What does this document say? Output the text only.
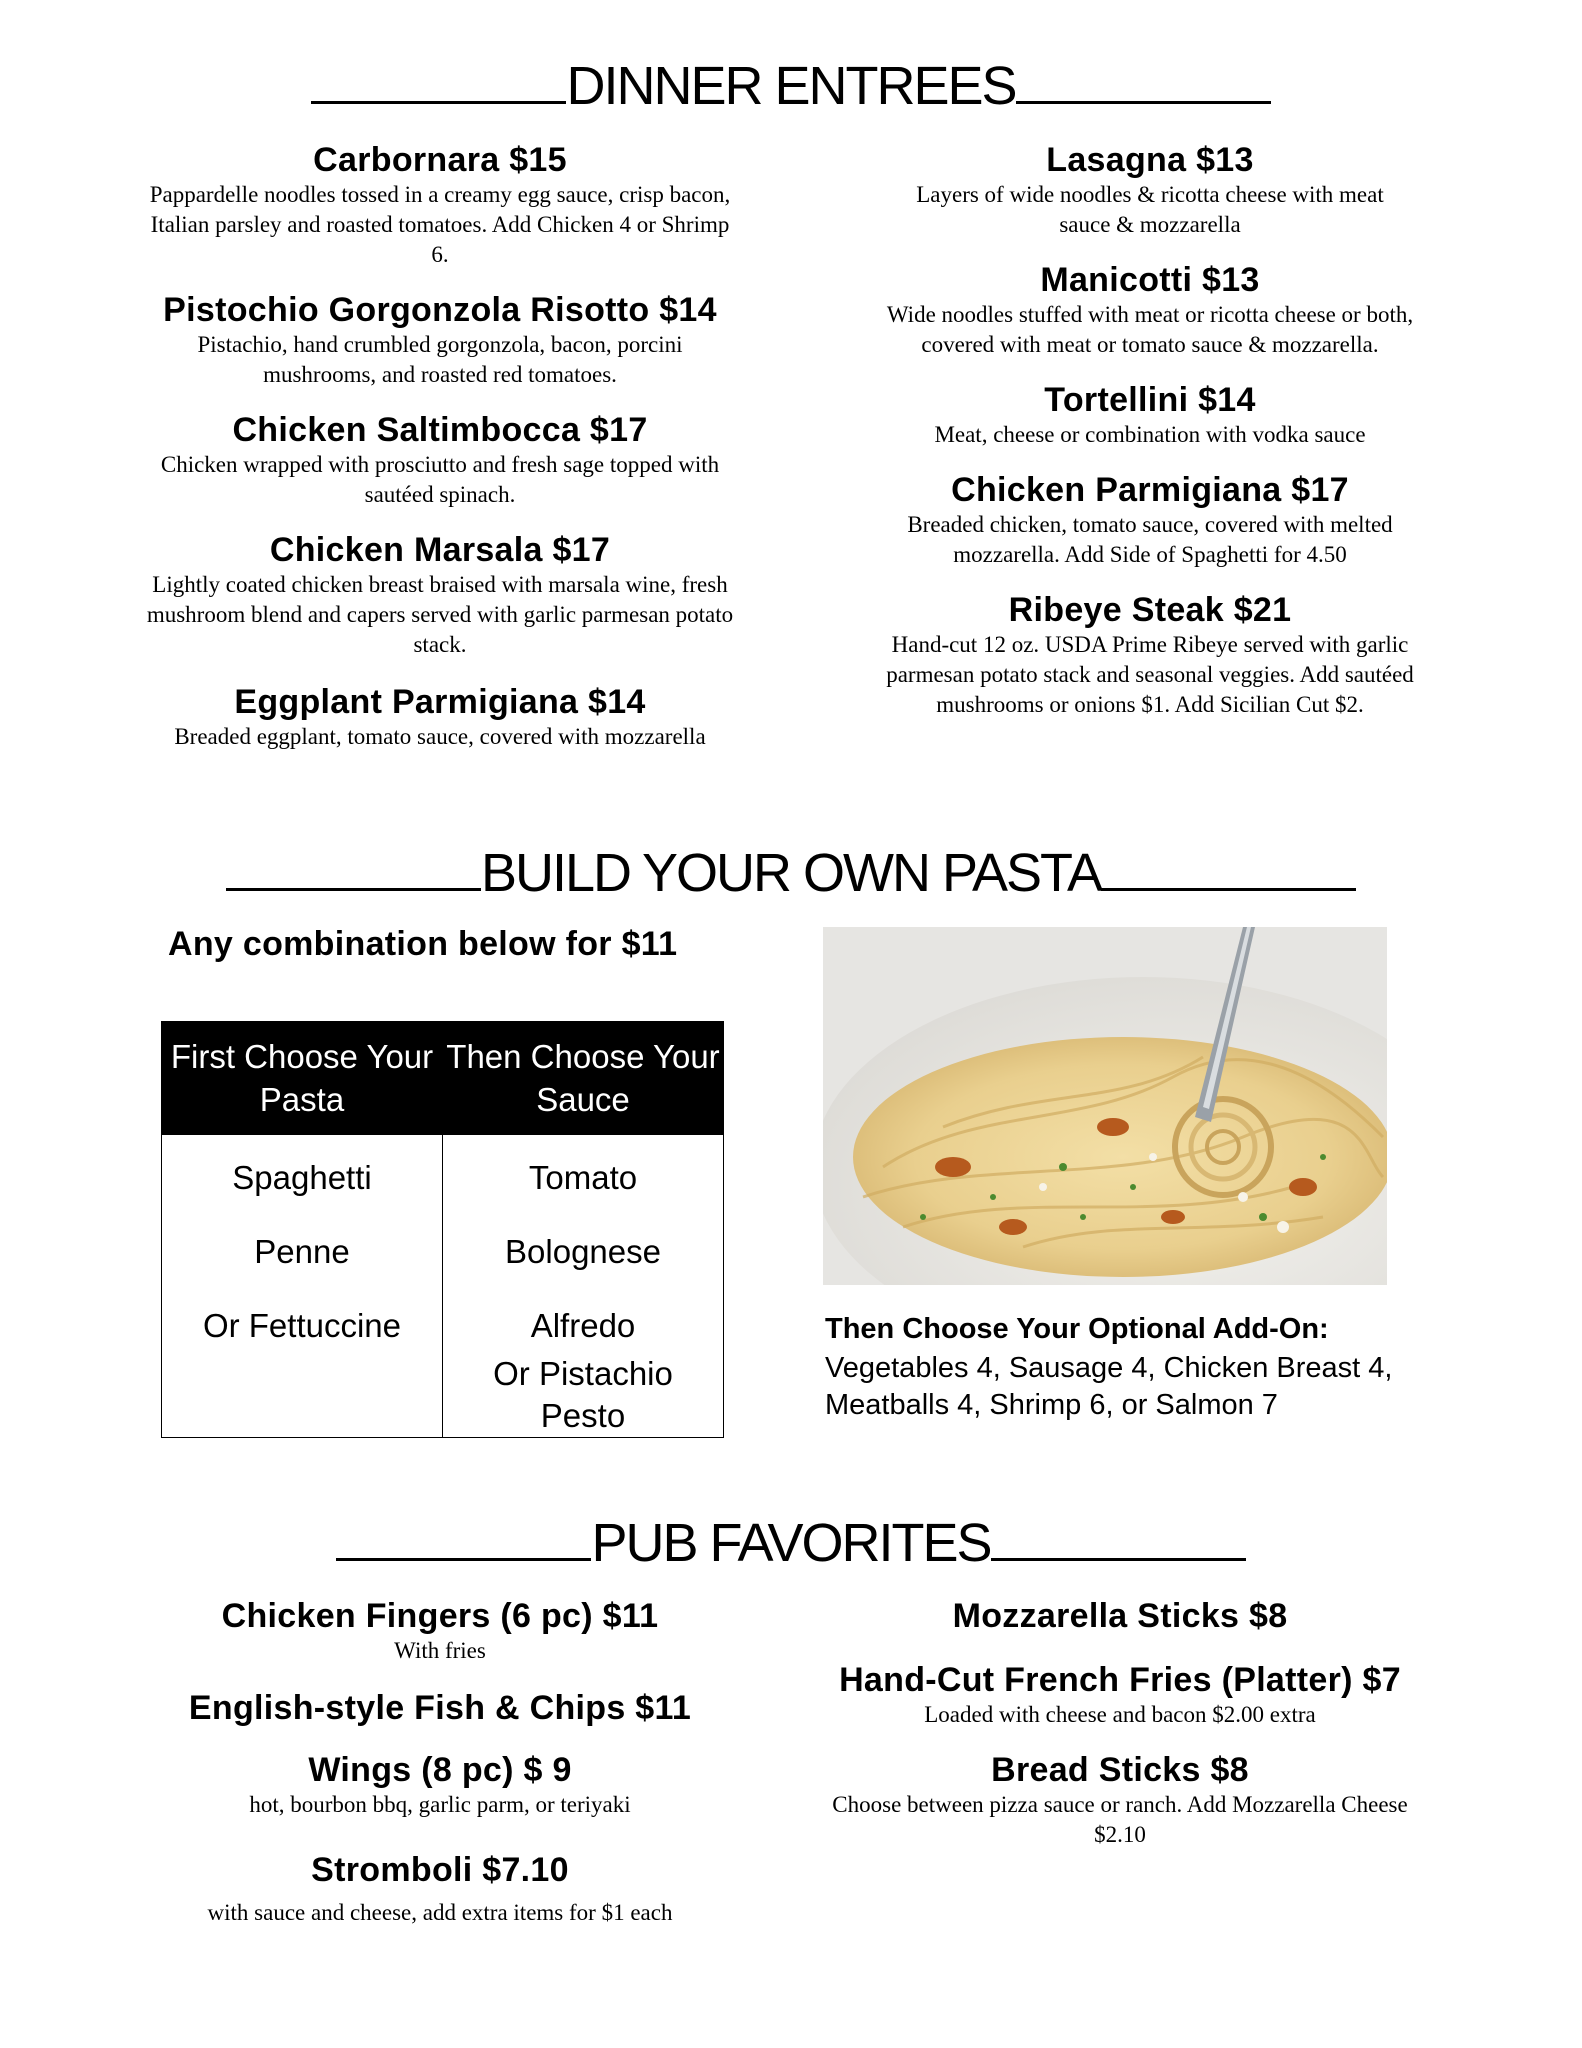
DINNER ENTREES
Carbornara $15
Pappardelle noodles tossed in a creamy egg sauce, crisp bacon, Italian parsley and roasted tomatoes. Add Chicken 4 or Shrimp 6.
Pistochio Gorgonzola Risotto $14
Pistachio, hand crumbled gorgonzola, bacon, porcini mushrooms, and roasted red tomatoes.
Chicken Saltimbocca $17
Chicken wrapped with prosciutto and fresh sage topped with sautéed spinach.
Chicken Marsala $17
Lightly coated chicken breast braised with marsala wine, fresh mushroom blend and capers served with garlic parmesan potato stack.
Eggplant Parmigiana $14
Breaded eggplant, tomato sauce, covered with mozzarella
Lasagna $13
Layers of wide noodles & ricotta cheese with meat sauce & mozzarella
Manicotti $13
Wide noodles stuffed with meat or ricotta cheese or both, covered with meat or tomato sauce & mozzarella.
Tortellini $14
Meat, cheese or combination with vodka sauce
Chicken Parmigiana $17
Breaded chicken, tomato sauce, covered with melted mozzarella. Add Side of Spaghetti for 4.50
Ribeye Steak $21
Hand-cut 12 oz. USDA Prime Ribeye served with garlic parmesan potato stack and seasonal veggies. Add sautéed mushrooms or onions $1. Add Sicilian Cut $2.
BUILD YOUR OWN PASTA
Any combination below for $11
First Choose Your Pasta	Then Choose Your Sauce
Spaghetti	Tomato
Penne	Bolognese
Or Fettuccine	Alfredo
	Or Pistachio Pesto
Then Choose Your Optional Add-On:
Vegetables 4, Sausage 4, Chicken Breast 4, Meatballs 4, Shrimp 6, or Salmon 7
PUB FAVORITES
Chicken Fingers (6 pc) $11
With fries
English-style Fish & Chips $11
Wings (8 pc) $ 9
hot, bourbon bbq, garlic parm, or teriyaki
Stromboli $7.10
with sauce and cheese, add extra items for $1 each
Mozzarella Sticks $8
Hand-Cut French Fries (Platter) $7
Loaded with cheese and bacon $2.00 extra
Bread Sticks $8
Choose between pizza sauce or ranch. Add Mozzarella Cheese $2.10
